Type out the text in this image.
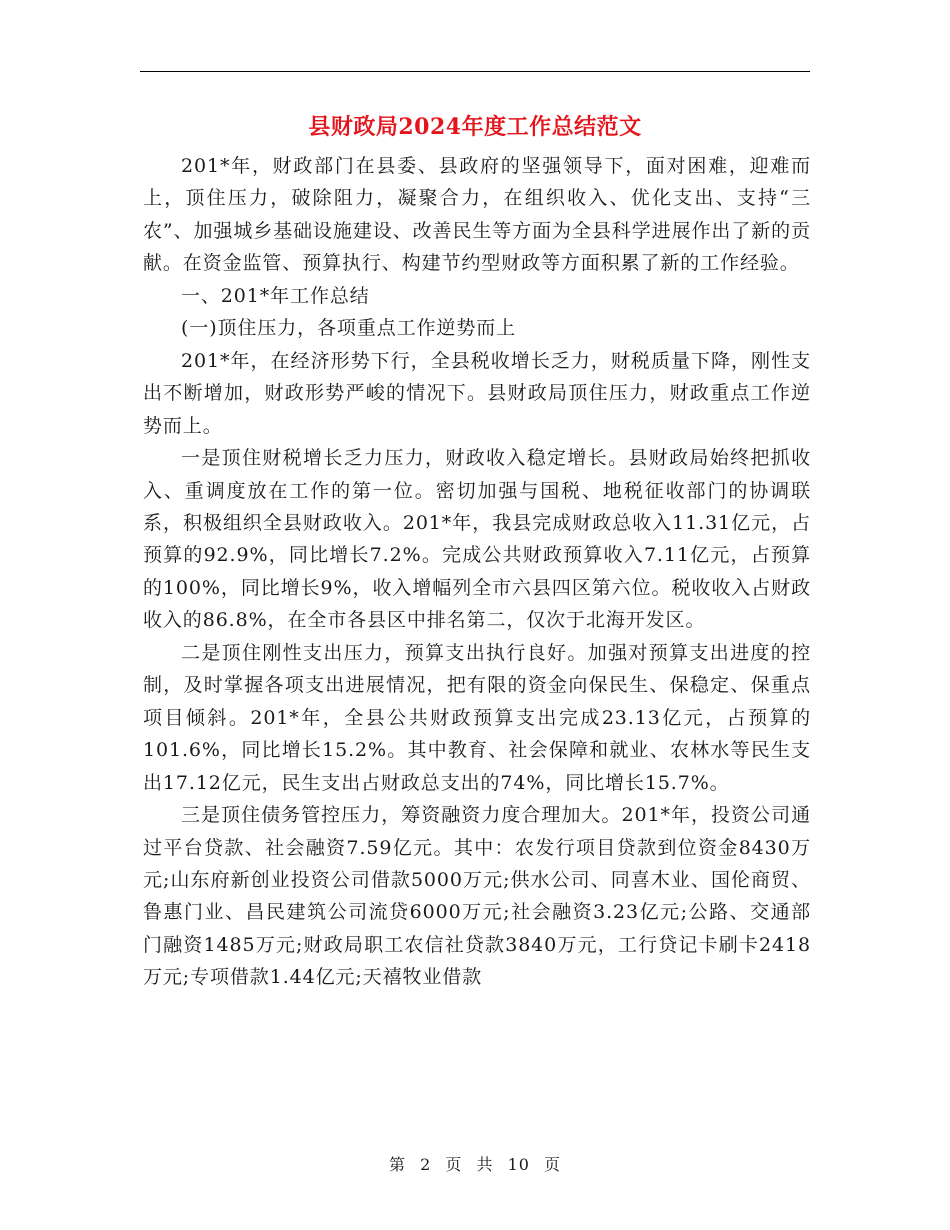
县财政局2024年度工作总结范文

201*年，财政部门在县委、县政府的坚强领导下，面对困难，迎难而上，顶住压力，破除阻力，凝聚合力，在组织收入、优化支出、支持“三农”、加强城乡基础设施建设、改善民生等方面为全县科学进展作出了新的贡献。在资金监管、预算执行、构建节约型财政等方面积累了新的工作经验。

一、201*年工作总结

(一)顶住压力，各项重点工作逆势而上

201*年，在经济形势下行，全县税收增长乏力，财税质量下降，刚性支出不断增加，财政形势严峻的情况下。县财政局顶住压力，财政重点工作逆势而上。

一是顶住财税增长乏力压力，财政收入稳定增长。县财政局始终把抓收入、重调度放在工作的第一位。密切加强与国税、地税征收部门的协调联系，积极组织全县财政收入。201*年，我县完成财政总收入11.31亿元，占预算的92.9%，同比增长7.2%。完成公共财政预算收入7.11亿元，占预算的100%，同比增长9%，收入增幅列全市六县四区第六位。税收收入占财政收入的86.8%，在全市各县区中排名第二，仅次于北海开发区。

二是顶住刚性支出压力，预算支出执行良好。加强对预算支出进度的控制，及时掌握各项支出进展情况，把有限的资金向保民生、保稳定、保重点项目倾斜。201*年，全县公共财政预算支出完成23.13亿元，占预算的101.6%，同比增长15.2%。其中教育、社会保障和就业、农林水等民生支出17.12亿元，民生支出占财政总支出的74%，同比增长15.7%。

三是顶住债务管控压力，筹资融资力度合理加大。201*年，投资公司通过平台贷款、社会融资7.59亿元。其中：农发行项目贷款到位资金8430万元;山东府新创业投资公司借款5000万元;供水公司、同喜木业、国伦商贸、鲁惠门业、昌民建筑公司流贷6000万元;社会融资3.23亿元;公路、交通部门融资1485万元;财政局职工农信社贷款3840万元，工行贷记卡刷卡2418万元;专项借款1.44亿元;天禧牧业借款

第 2 页 共 10 页
